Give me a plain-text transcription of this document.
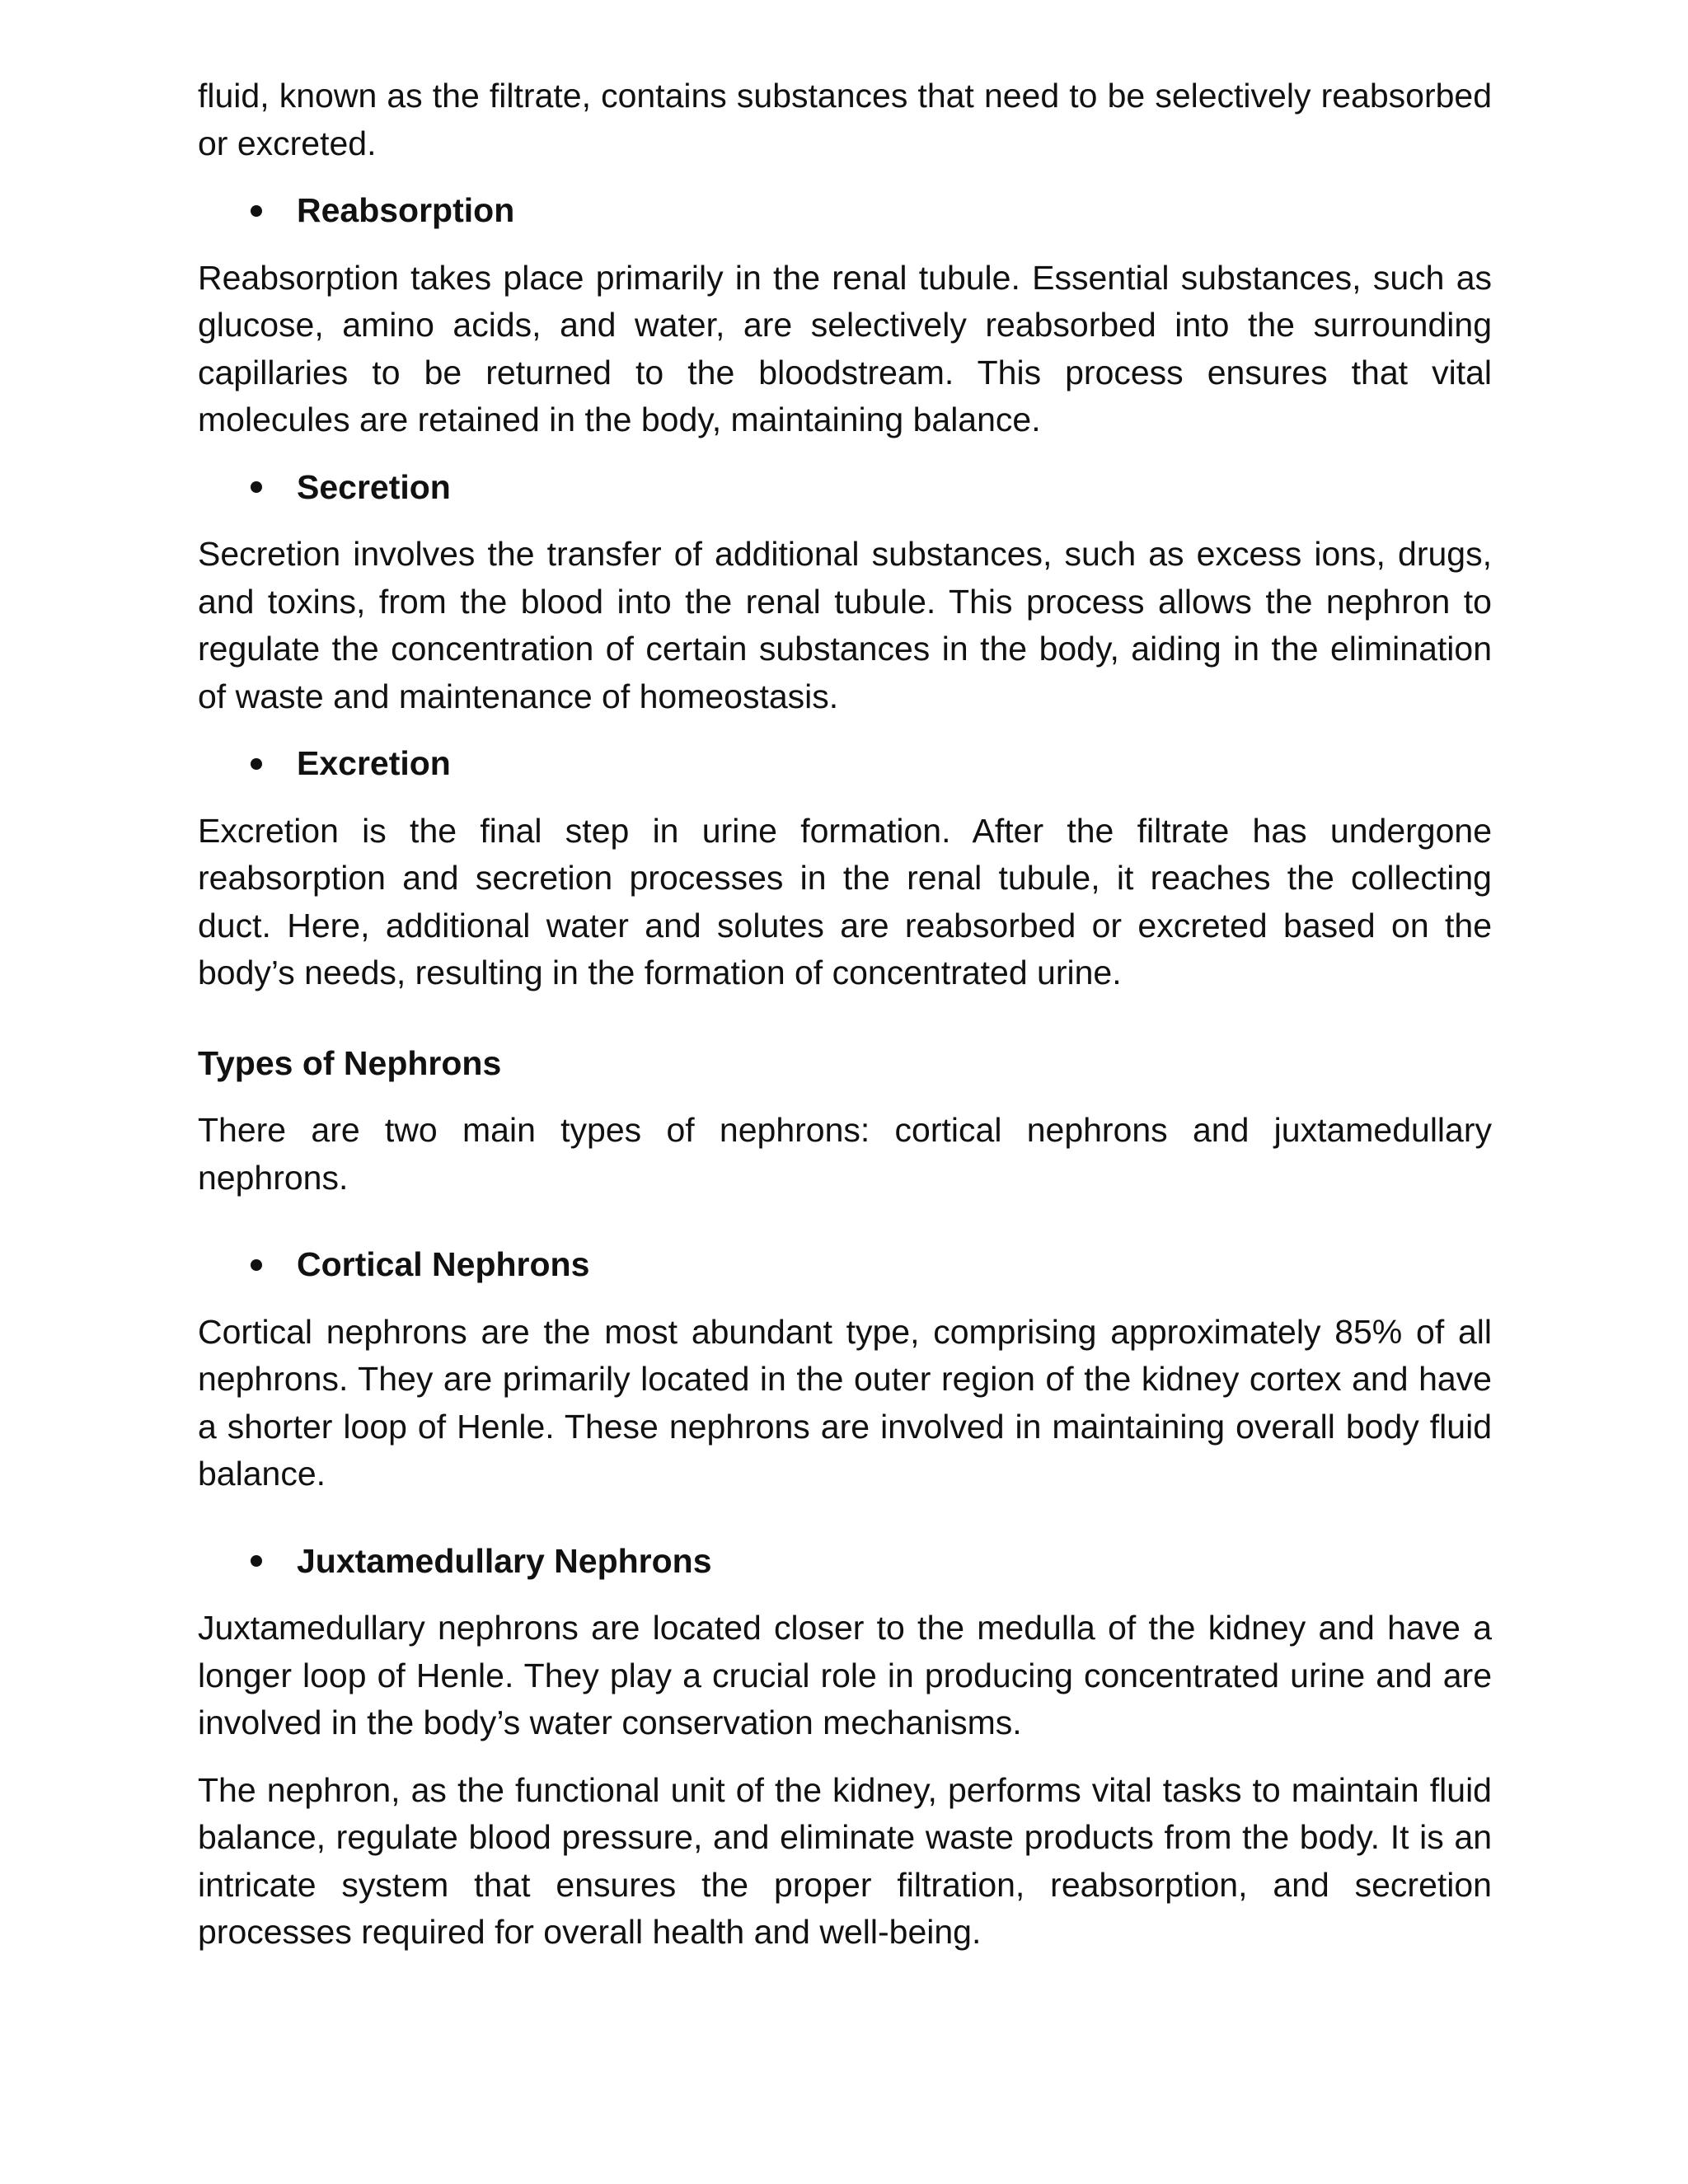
fluid, known as the filtrate, contains substances that need to be selectively reabsorbed or excreted.

Reabsorption

Reabsorption takes place primarily in the renal tubule. Essential substances, such as glucose, amino acids, and water, are selectively reabsorbed into the surrounding capillaries to be returned to the bloodstream. This process ensures that vital molecules are retained in the body, maintaining balance.

Secretion

Secretion involves the transfer of additional substances, such as excess ions, drugs, and toxins, from the blood into the renal tubule. This process allows the nephron to regulate the concentration of certain substances in the body, aiding in the elimination of waste and maintenance of homeostasis.

Excretion

Excretion is the final step in urine formation. After the filtrate has undergone reabsorption and secretion processes in the renal tubule, it reaches the collecting duct. Here, additional water and solutes are reabsorbed or excreted based on the body’s needs, resulting in the formation of concentrated urine.

Types of Nephrons

There are two main types of nephrons: cortical nephrons and juxtamedullary nephrons.

Cortical Nephrons

Cortical nephrons are the most abundant type, comprising approximately 85% of all nephrons. They are primarily located in the outer region of the kidney cortex and have a shorter loop of Henle. These nephrons are involved in maintaining overall body fluid balance.

Juxtamedullary Nephrons

Juxtamedullary nephrons are located closer to the medulla of the kidney and have a longer loop of Henle. They play a crucial role in producing concentrated urine and are involved in the body’s water conservation mechanisms.

The nephron, as the functional unit of the kidney, performs vital tasks to maintain fluid balance, regulate blood pressure, and eliminate waste products from the body. It is an intricate system that ensures the proper filtration, reabsorption, and secretion processes required for overall health and well-being.
